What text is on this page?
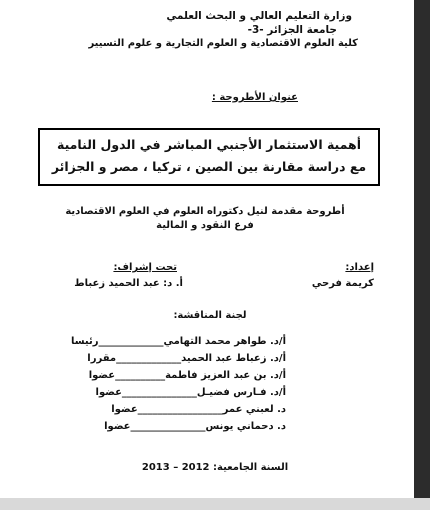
وزارة التعليم العالي و البحث العلمي
جامعة الجزائر -3-
كلية العلوم الاقتصادية و العلوم التجارية و علوم التسيير
عنوان الأطروحة :
أهمية الاستثمار الأجنبي المباشر في الدول النامية
مع دراسة مقارنة بين الصين ، تركيا ، مصر و الجزائر
أطروحة مقدمة لنيل دكتوراه العلوم في العلوم الاقتصادية
فرع النقود و المالية
إعداد:
كريمة فرحي
تحت إشراف:
أ. د: عبد الحميد زعباط
لجنة المناقشة:
أ/د. طواهر محمد التهامي_____________رئيسا
أ/د. زعباط عبد الحميد_____________مقررا
أ/د. بن عبد العزيز فاطمة__________عضوا
أ/د. فـارس فضيـل_______________عضوا
د. لعبني عمر_________________عضوا
د. دحماني يونس_______________عضوا
السنة الجامعية: 2012 – 2013
